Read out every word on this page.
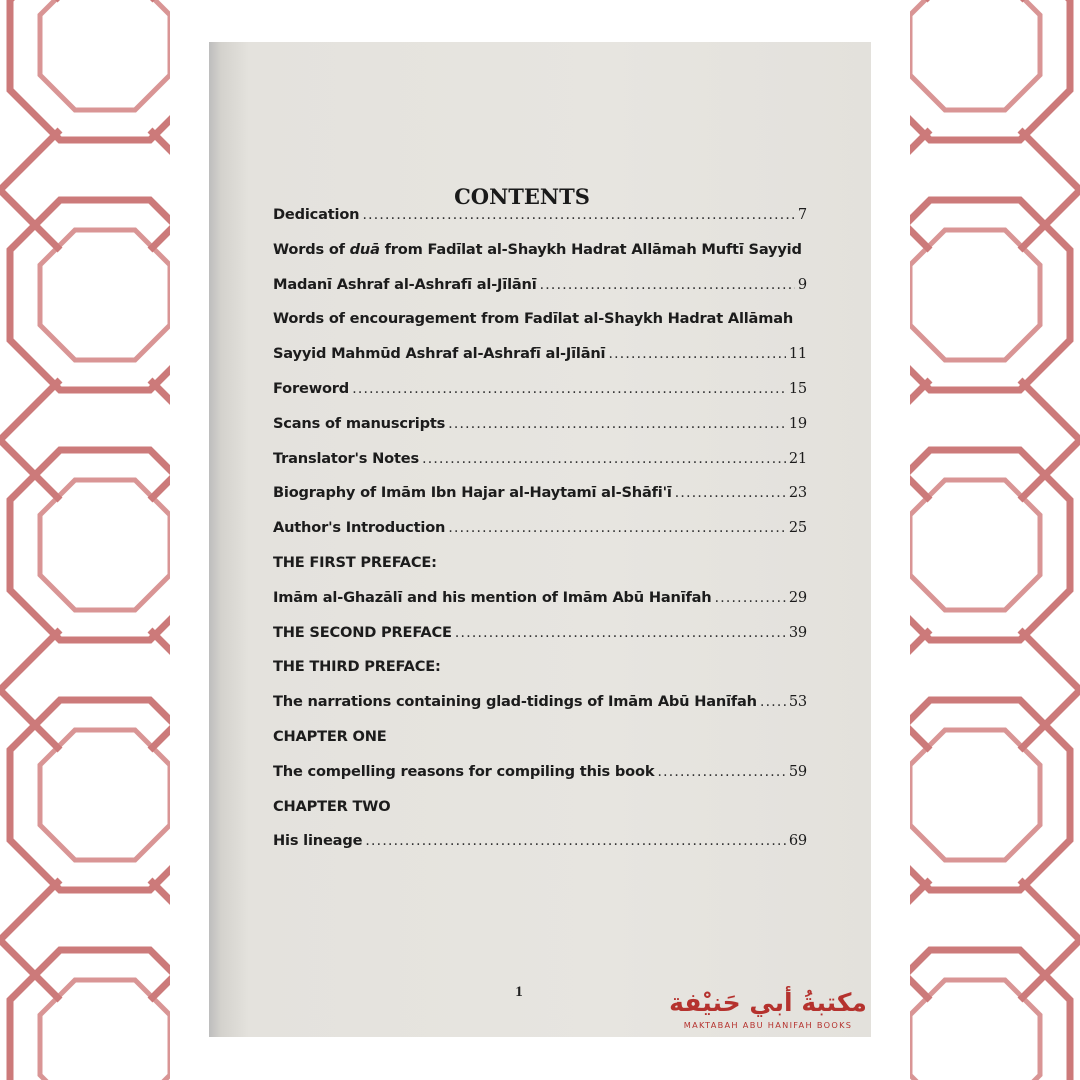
CONTENTS
Dedication .....	7
Words of duā from Fadīlat al-Shaykh Hadrat Allāmah Muftī Sayyid
Madanī Ashraf al-Ashrafī al-Jīlānī .....	9
Words of encouragement from Fadīlat al-Shaykh Hadrat Allāmah
Sayyid Mahmūd Ashraf al-Ashrafī al-Jīlānī .....	11
Foreword .....	15
Scans of manuscripts .....	19
Translator's Notes .....	21
Biography of Imām Ibn Hajar al-Haytamī al-Shāfi'ī .....	23
Author's Introduction .....	25
THE FIRST PREFACE:
Imām al-Ghazālī and his mention of Imām Abū Hanīfah .....	29
THE SECOND PREFACE .....	39
THE THIRD PREFACE:
The narrations containing glad-tidings of Imām Abū Hanīfah ..... 53
CHAPTER ONE
The compelling reasons for compiling this book .....	59
CHAPTER TWO
His lineage .....	69
1	مكتبةُ أبي حَنيْفة
MAKTABAH ABU HANIFAH BOOKS
